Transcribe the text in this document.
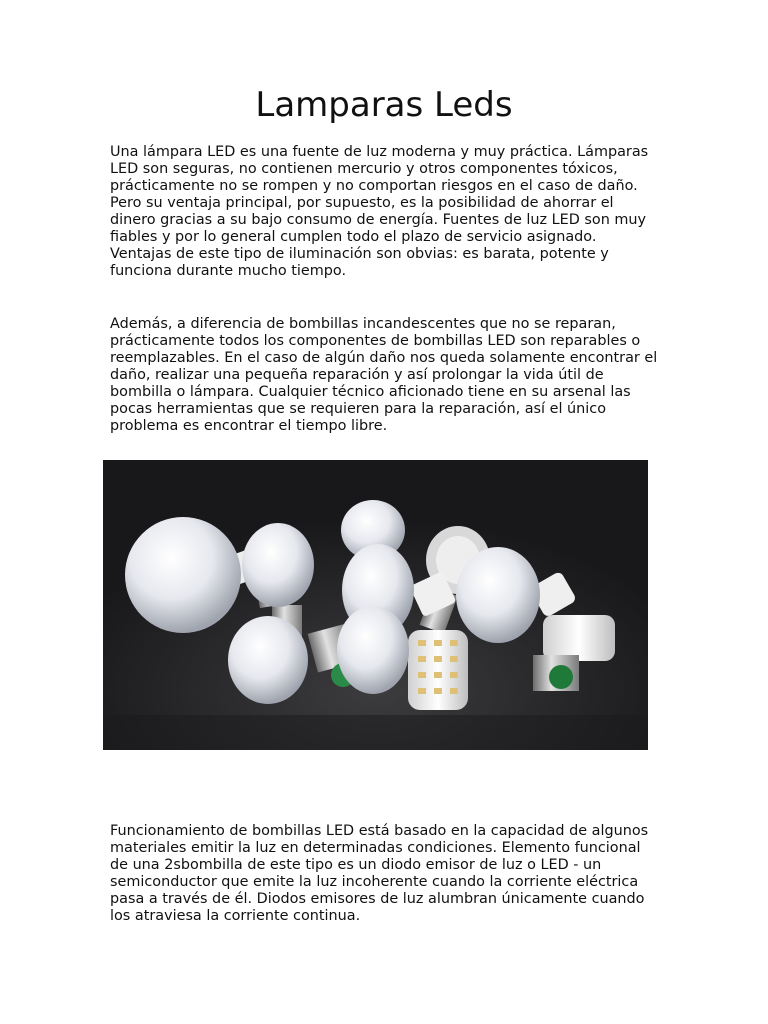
Lamparas Leds

Una lámpara LED es una fuente de luz moderna y muy práctica. Lámparas LED son seguras, no contienen mercurio y otros componentes tóxicos, prácticamente no se rompen y no comportan riesgos en el caso de daño. Pero su ventaja principal, por supuesto, es la posibilidad de ahorrar el dinero gracias a su bajo consumo de energía. Fuentes de luz LED son muy fiables y por lo general cumplen todo el plazo de servicio asignado. Ventajas de este tipo de iluminación son obvias: es barata, potente y funciona durante mucho tiempo.

Además, a diferencia de bombillas incandescentes que no se reparan, prácticamente todos los componentes de bombillas LED son reparables o reemplazables. En el caso de algún daño nos queda solamente encontrar el daño, realizar una pequeña reparación y así prolongar la vida útil de bombilla o lámpara. Cualquier técnico aficionado tiene en su arsenal las pocas herramientas que se requieren para la reparación, así el único problema es encontrar el tiempo libre.

Funcionamiento de bombillas LED está basado en la capacidad de algunos materiales emitir la luz en determinadas condiciones. Elemento funcional de una 2sbombilla de este tipo es un diodo emisor de luz o LED - un semiconductor que emite la luz incoherente cuando la corriente eléctrica pasa a través de él. Diodos emisores de luz alumbran únicamente cuando los atraviesa la corriente continua.
